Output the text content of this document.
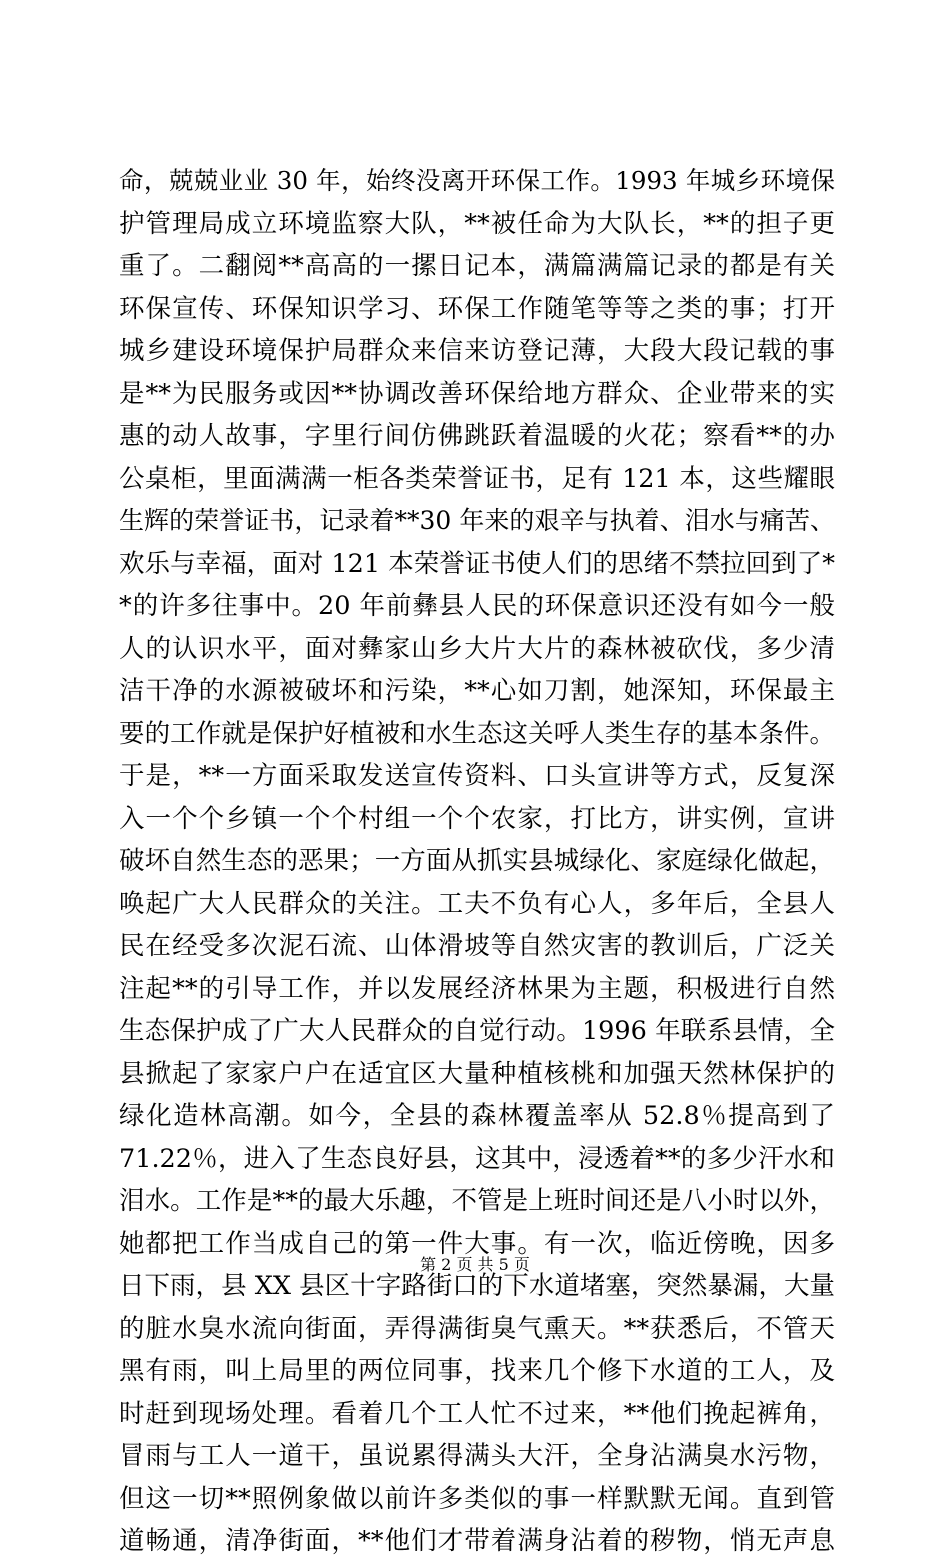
命，兢兢业业 30 年，始终没离开环保工作。1993 年城乡环境保
护管理局成立环境监察大队，**被任命为大队长，**的担子更
重了。二翻阅**高高的一摞日记本，满篇满篇记录的都是有关
环保宣传、环保知识学习、环保工作随笔等等之类的事；打开
城乡建设环境保护局群众来信来访登记薄，大段大段记载的事
是**为民服务或因**协调改善环保给地方群众、企业带来的实
惠的动人故事，字里行间仿佛跳跃着温暖的火花；察看**的办
公桌柜，里面满满一柜各类荣誉证书，足有 121 本，这些耀眼
生辉的荣誉证书，记录着**30 年来的艰辛与执着、泪水与痛苦、
欢乐与幸福，面对 121 本荣誉证书使人们的思绪不禁拉回到了*
*的许多往事中。20 年前彝县人民的环保意识还没有如今一般
人的认识水平，面对彝家山乡大片大片的森林被砍伐，多少清
洁干净的水源被破坏和污染，**心如刀割，她深知，环保最主
要的工作就是保护好植被和水生态这关呼人类生存的基本条件。
于是，**一方面采取发送宣传资料、口头宣讲等方式，反复深
入一个个乡镇一个个村组一个个农家，打比方，讲实例，宣讲
破坏自然生态的恶果；一方面从抓实县城绿化、家庭绿化做起，
唤起广大人民群众的关注。工夫不负有心人，多年后，全县人
民在经受多次泥石流、山体滑坡等自然灾害的教训后，广泛关
注起**的引导工作，并以发展经济林果为主题，积极进行自然
生态保护成了广大人民群众的自觉行动。1996 年联系县情，全
县掀起了家家户户在适宜区大量种植核桃和加强天然林保护的
绿化造林高潮。如今，全县的森林覆盖率从 52.8％提高到了
71.22％，进入了生态良好县，这其中，浸透着**的多少汗水和
泪水。工作是**的最大乐趣，不管是上班时间还是八小时以外，
她都把工作当成自己的第一件大事。有一次，临近傍晚，因多
日下雨，县 XX 县区十字路街口的下水道堵塞，突然暴漏，大量
的脏水臭水流向街面，弄得满街臭气熏天。**获悉后，不管天
黑有雨，叫上局里的两位同事，找来几个修下水道的工人，及
时赶到现场处理。看着几个工人忙不过来，**他们挽起裤角，
冒雨与工人一道干，虽说累得满头大汗，全身沾满臭水污物，
但这一切**照例象做以前许多类似的事一样默默无闻。直到管
道畅通，清净街面，**他们才带着满身沾着的秽物，悄无声息
第 2 页 共 5 页
